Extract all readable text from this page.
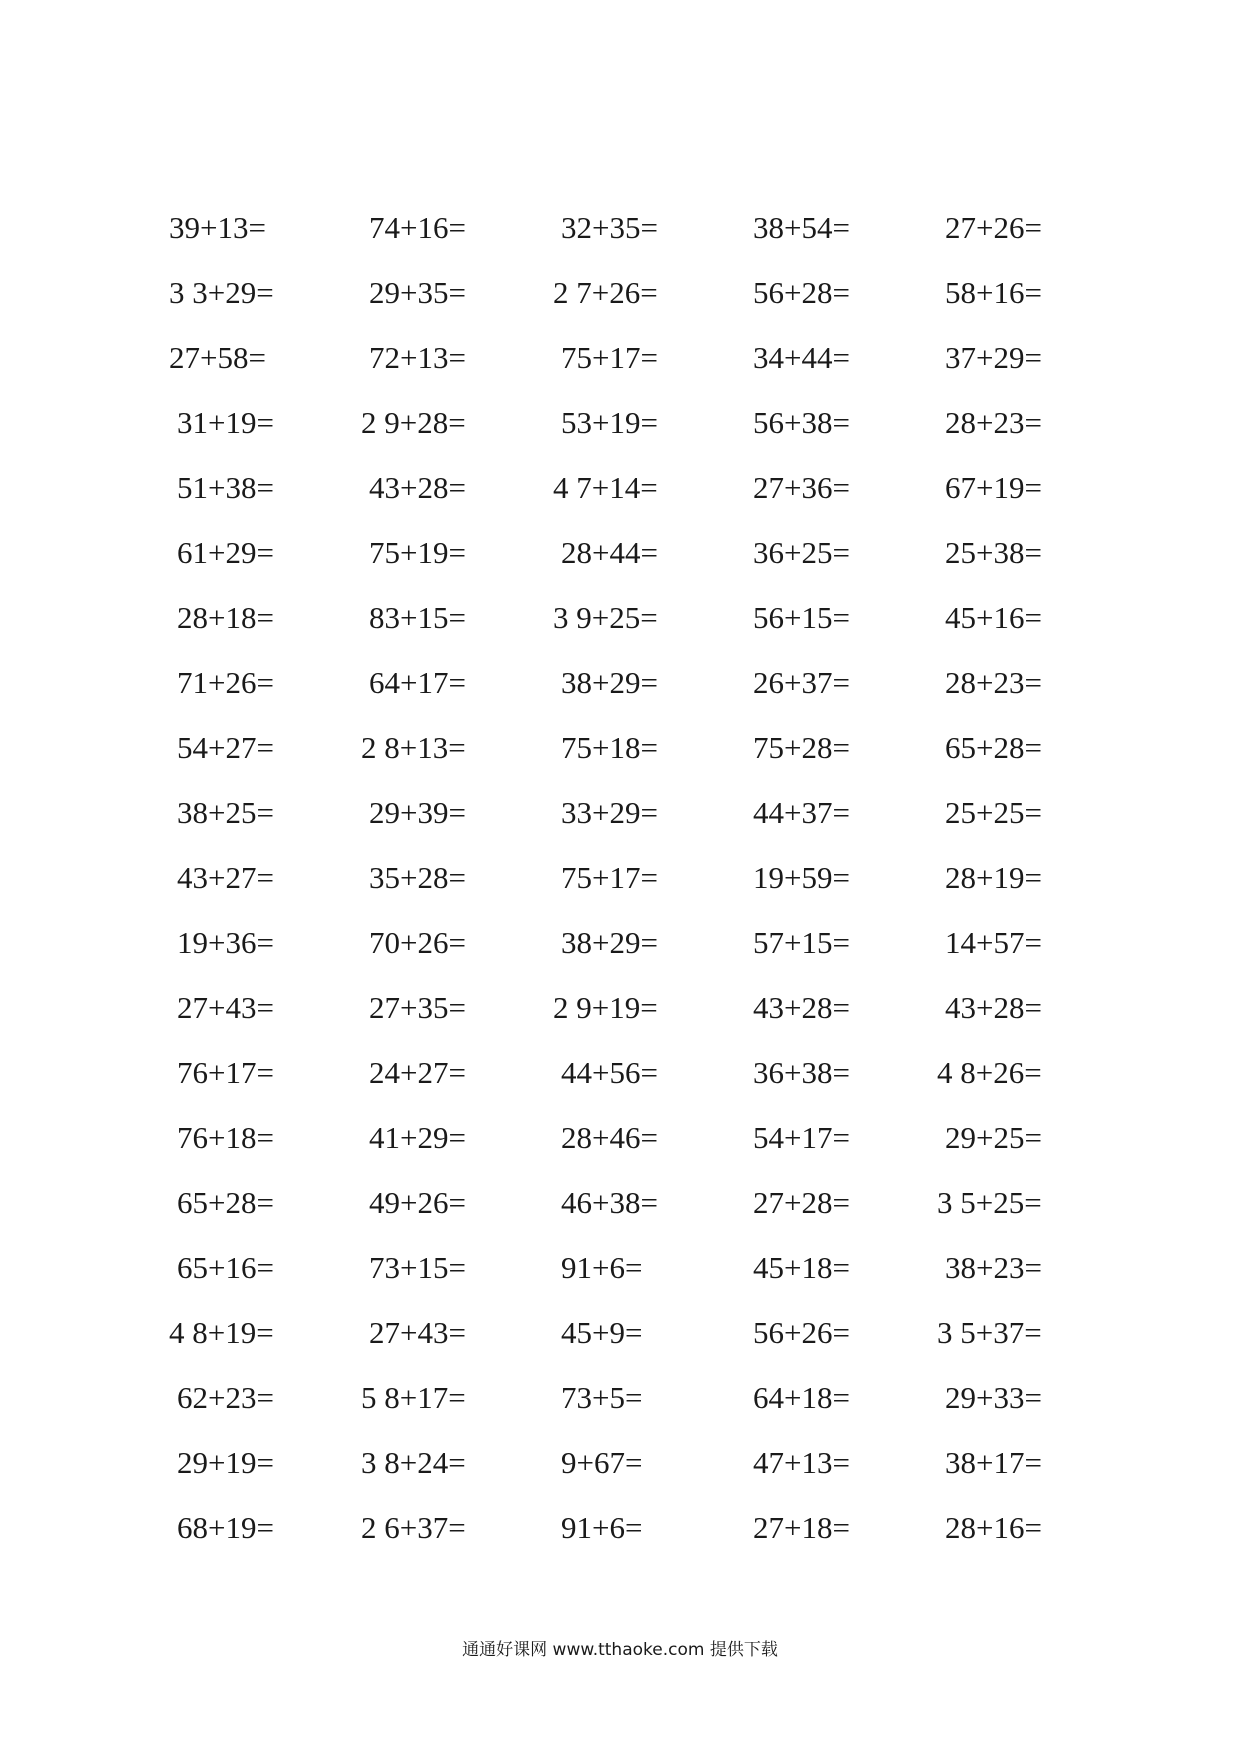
39+13=	74+16=	32+35=	38+54=	27+26=
3 3+29=	29+35=	2 7+26=	56+28=	58+16=
27+58=	72+13=	75+17=	34+44=	37+29=
31+19=	2 9+28=	53+19=	56+38=	28+23=
51+38=	43+28=	4 7+14=	27+36=	67+19=
61+29=	75+19=	28+44=	36+25=	25+38=
28+18=	83+15=	3 9+25=	56+15=	45+16=
71+26=	64+17=	38+29=	26+37=	28+23=
54+27=	2 8+13=	75+18=	75+28=	65+28=
38+25=	29+39=	33+29=	44+37=	25+25=
43+27=	35+28=	75+17=	19+59=	28+19=
19+36=	70+26=	38+29=	57+15=	14+57=
27+43=	27+35=	2 9+19=	43+28=	43+28=
76+17=	24+27=	44+56=	36+38=	4 8+26=
76+18=	41+29=	28+46=	54+17=	29+25=
65+28=	49+26=	46+38=	27+28=	3 5+25=
65+16=	73+15=	91+6=	45+18=	38+23=
4 8+19=	27+43=	45+9=	56+26=	3 5+37=
62+23=	5 8+17=	73+5=	64+18=	29+33=
29+19=	3 8+24=	9+67=	47+13=	38+17=
68+19=	2 6+37=	91+6=	27+18=	28+16=
通通好课网 www.tthaoke.com 提供下载
